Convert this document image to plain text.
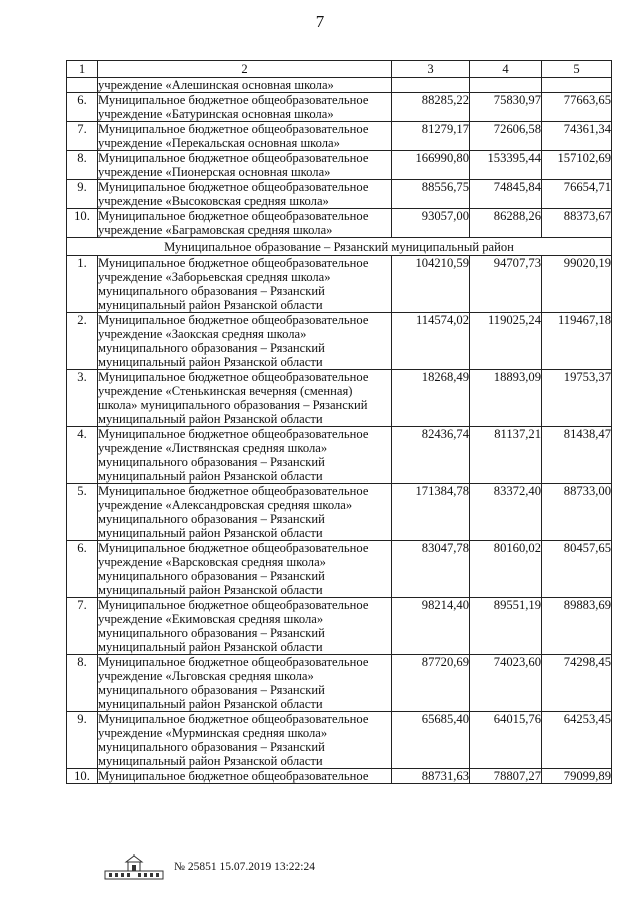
7
1	2	3	4	5

	учреждение «Алешинская основная школа»			

6.	Муниципальное бюджетное общеобразовательное
учреждение «Батуринская основная школа»	88285,22	75830,97	77663,65
7.	Муниципальное бюджетное общеобразовательное
учреждение «Перекальская основная школа»	81279,17	72606,58	74361,34
8.	Муниципальное бюджетное общеобразовательное
учреждение «Пионерская основная школа»	166990,80	153395,44	157102,69
9.	Муниципальное бюджетное общеобразовательное
учреждение «Высоковская средняя школа»	88556,75	74845,84	76654,71
10.	Муниципальное бюджетное общеобразовательное
учреждение «Баграмовская средняя школа»	93057,00	86288,26	88373,67
Муниципальное образование – Рязанский муниципальный район				
1.	Муниципальное бюджетное общеобразовательное
учреждение «Заборьевская средняя школа»
муниципального образования – Рязанский
муниципальный район Рязанской области	104210,59	94707,73	99020,19
2.	Муниципальное бюджетное общеобразовательное
учреждение «Заокская средняя школа»
муниципального образования – Рязанский
муниципальный район Рязанской области	114574,02	119025,24	119467,18
3.	Муниципальное бюджетное общеобразовательное
учреждение «Стенькинская вечерняя (сменная)
школа» муниципального образования – Рязанский
муниципальный район Рязанской области	18268,49	18893,09	19753,37
4.	Муниципальное бюджетное общеобразовательное
учреждение «Листвянская средняя школа»
муниципального образования – Рязанский
муниципальный район Рязанской области	82436,74	81137,21	81438,47
5.	Муниципальное бюджетное общеобразовательное
учреждение «Александровская средняя школа»
муниципального образования – Рязанский
муниципальный район Рязанской области	171384,78	83372,40	88733,00
6.	Муниципальное бюджетное общеобразовательное
учреждение «Варсковская средняя школа»
муниципального образования – Рязанский
муниципальный район Рязанской области	83047,78	80160,02	80457,65
7.	Муниципальное бюджетное общеобразовательное
учреждение «Екимовская средняя школа»
муниципального образования – Рязанский
муниципальный район Рязанской области	98214,40	89551,19	89883,69
8.	Муниципальное бюджетное общеобразовательное
учреждение «Льговская средняя школа»
муниципального образования – Рязанский
муниципальный район Рязанской области	87720,69	74023,60	74298,45
9.	Муниципальное бюджетное общеобразовательное
учреждение «Мурминская средняя школа»
муниципального образования – Рязанский
муниципальный район Рязанской области	65685,40	64015,76	64253,45
10.	Муниципальное бюджетное общеобразовательное	88731,63	78807,27	79099,89
№ 25851 15.07.2019 13:22:24
